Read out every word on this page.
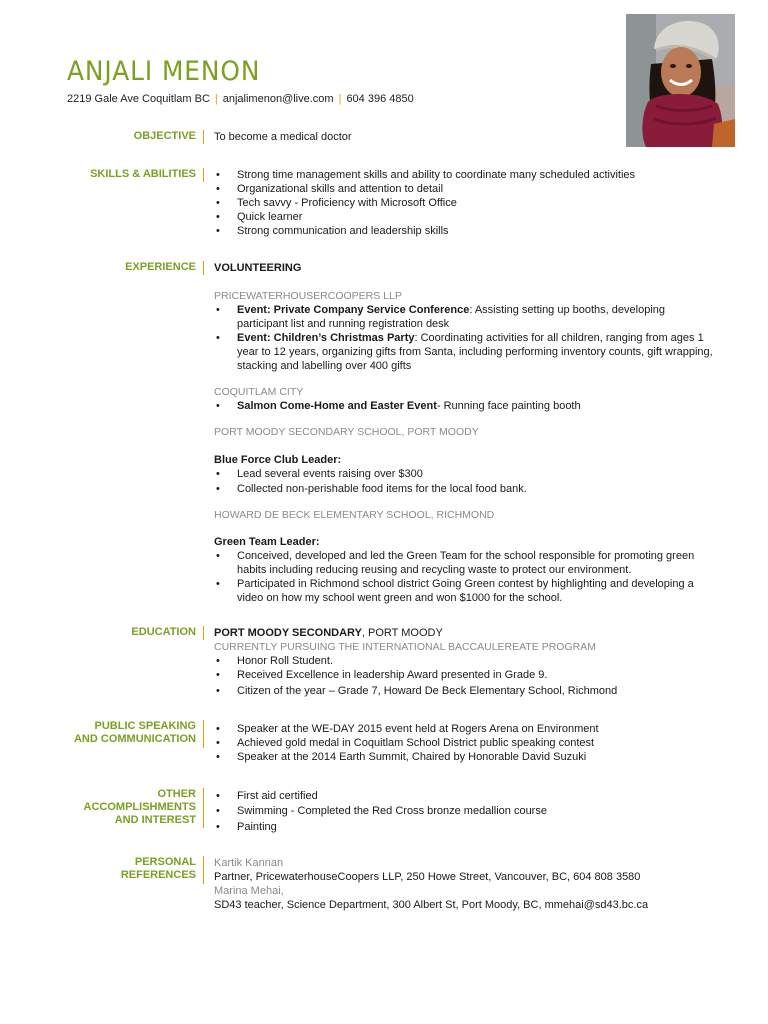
ANJALI MENON
2219 Gale Ave Coquitlam BC | anjalimenon@live.com | 604 396 4850
OBJECTIVE To become a medical doctor
SKILLS & ABILITIES
•	Strong time management skills and ability to coordinate many scheduled activities
• Organizational skills and attention to detail
• Tech savvy - Proficiency with Microsoft Office
• Quick learner
• Strong communication and leadership skills
EXPERIENCE VOLUNTEERING
PRICEWATERHOUSERCOOPERS LLP
• Event: Private Company Service Conference: Assisting setting up booths, developing participant list and running registration desk
• Event: Children’s Christmas Party: Coordinating activities for all children, ranging from ages 1 year to 12 years, organizing gifts from Santa, including performing inventory counts, gift wrapping, stacking and labelling over 400 gifts
COQUITLAM CITY
• Salmon Come-Home and Easter Event- Running face painting booth
PORT MOODY SECONDARY SCHOOL, PORT MOODY
Blue Force Club Leader:
• Lead several events raising over $300
• Collected non-perishable food items for the local food bank.
HOWARD DE BECK ELEMENTARY SCHOOL, RICHMOND
Green Team Leader:
• Conceived, developed and led the Green Team for the school responsible for promoting green habits including reducing reusing and recycling waste to protect our environment.
• Participated in Richmond school district Going Green contest by highlighting and developing a video on how my school went green and won $1000 for the school.
EDUCATION PORT MOODY SECONDARY, PORT MOODY
CURRENTLY PURSUING THE INTERNATIONAL BACCAULEREATE PROGRAM
• Honor Roll Student.
• Received Excellence in leadership Award presented in Grade 9.
• Citizen of the year – Grade 7, Howard De Beck Elementary School, Richmond
PUBLIC SPEAKING
AND COMMUNICATION
• Speaker at the WE-DAY 2015 event held at Rogers Arena on Environment
• Achieved gold medal in Coquitlam School District public speaking contest
• Speaker at the 2014 Earth Summit, Chaired by Honorable David Suzuki
OTHER
ACCOMPLISHMENTS
AND INTEREST
• First aid certified
• Swimming - Completed the Red Cross bronze medallion course
• Painting
PERSONAL
REFERENCES
Kartik Kannan
Partner, PricewaterhouseCoopers LLP, 250 Howe Street, Vancouver, BC, 604 808 3580
Marina Mehai,
SD43 teacher, Science Department, 300 Albert St, Port Moody, BC, mmehai@sd43.bc.ca
